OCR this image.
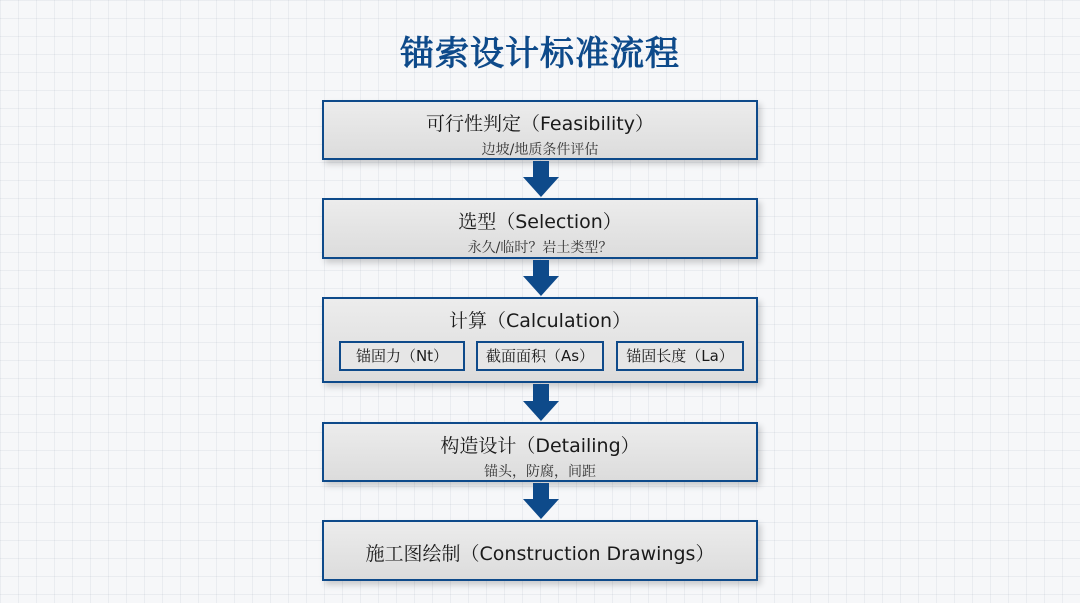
锚索设计标准流程
可行性判定（Feasibility）
边坡/地质条件评估
选型（Selection）
永久/临时？岩土类型？
计算（Calculation）
锚固力（Nt）	截面面积（As）	锚固长度（La）
构造设计（Detailing）
锚头，防腐，间距
施工图绘制（Construction Drawings）
